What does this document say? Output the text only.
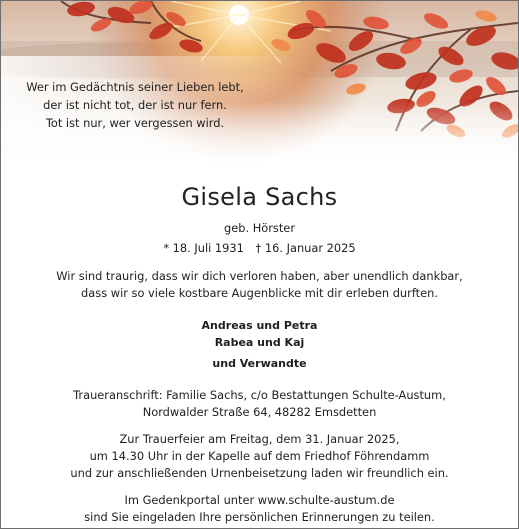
Wer im Gedächtnis seiner Lieben lebt,
der ist nicht tot, der ist nur fern.
Tot ist nur, wer vergessen wird.
Gisela Sachs
geb. Hörster
* 18. Juli 1931 † 16. Januar 2025
Wir sind traurig, dass wir dich verloren haben, aber unendlich dankbar,
dass wir so viele kostbare Augenblicke mit dir erleben durften.
Andreas und Petra
Rabea und Kaj
und Verwandte
Traueranschrift: Familie Sachs, c/o Bestattungen Schulte-Austum,
Nordwalder Straße 64, 48282 Emsdetten
Zur Trauerfeier am Freitag, dem 31. Januar 2025,
um 14.30 Uhr in der Kapelle auf dem Friedhof Föhrendamm
und zur anschließenden Urnenbeisetzung laden wir freundlich ein.
Im Gedenkportal unter www.schulte-austum.de
sind Sie eingeladen Ihre persönlichen Erinnerungen zu teilen.
